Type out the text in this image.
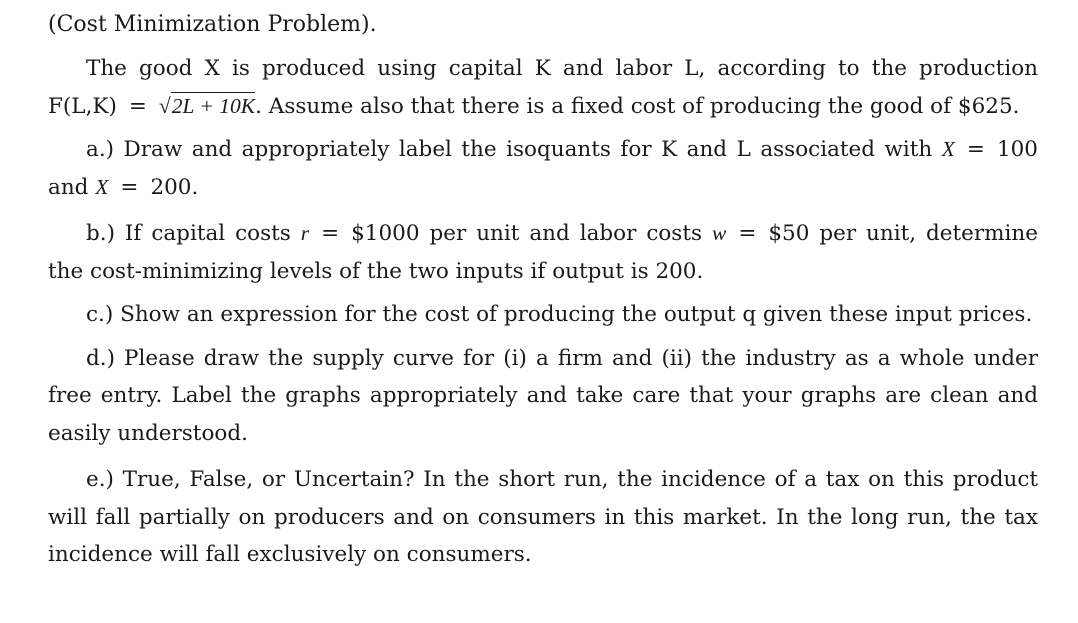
(Cost Minimization Problem).

The good X is produced using capital K and labor L, according to the production F(L,K) = √2L + 10K. Assume also that there is a fixed cost of producing the good of $625.

a.) Draw and appropriately label the isoquants for K and L associated with X = 100 and X = 200.

b.) If capital costs r = $1000 per unit and labor costs w = $50 per unit, determine the cost-minimizing levels of the two inputs if output is 200.

c.) Show an expression for the cost of producing the output q given these input prices.

d.) Please draw the supply curve for (i) a firm and (ii) the industry as a whole under free entry. Label the graphs appropriately and take care that your graphs are clean and easily understood.

e.) True, False, or Uncertain? In the short run, the incidence of a tax on this product will fall partially on producers and on consumers in this market. In the long run, the tax incidence will fall exclusively on consumers.
